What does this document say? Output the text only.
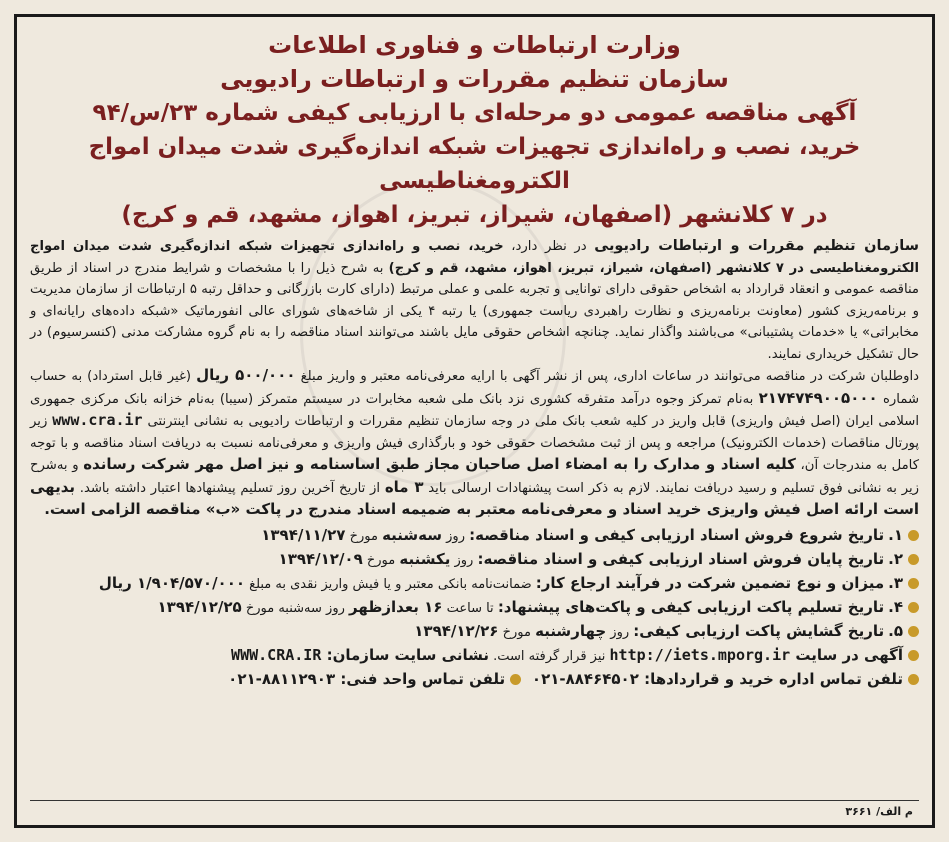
وزارت ارتباطات و فناوری اطلاعات
سازمان تنظیم مقررات و ارتباطات رادیویی
آگهی مناقصه عمومی دو مرحله‌ای با ارزیابی کیفی شماره ۲۳/س/۹۴
خرید، نصب و راه‌اندازی تجهیزات شبکه اندازه‌گیری شدت میدان امواج الکترومغناطیسی
در ۷ کلانشهر (اصفهان، شیراز، تبریز، اهواز، مشهد، قم و کرج)
سازمان تنظیم مقررات و ارتباطات رادیویی در نظر دارد، خرید، نصب و راه‌اندازی تجهیزات شبکه اندازه‌گیری شدت میدان امواج الکترومغناطیسی در ۷ کلانشهر (اصفهان، شیراز، تبریز، اهواز، مشهد، قم و کرج) به شرح ذیل را با مشخصات و شرایط مندرج در اسناد از طریق مناقصه عمومی و انعقاد قرارداد به اشخاص حقوقی دارای توانایی و تجربه علمی و عملی مرتبط (دارای کارت بازرگانی و حداقل رتبه ۵ ارتباطات از سازمان مدیریت و برنامه‌ریزی کشور (معاونت برنامه‌ریزی و نظارت راهبردی ریاست جمهوری) یا رتبه ۴ یکی از شاخه‌های شورای عالی انفورماتیک «شبکه داده‌های رایانه‌ای و مخابراتی» یا «خدمات پشتیبانی» می‌باشند واگذار نماید. چنانچه اشخاص حقوقی مایل باشند می‌توانند اسناد مناقصه را به نام گروه مشارکت مدنی (کنسرسیوم) در حال تشکیل خریداری نمایند.
داوطلبان شرکت در مناقصه می‌توانند در ساعات اداری، پس از نشر آگهی با ارایه معرفی‌نامه معتبر و واریز مبلغ ۵۰۰/۰۰۰ ریال (غیر قابل استرداد) به حساب شماره ۲۱۷۴۷۴۹۰۰۵۰۰۰ به‌نام تمرکز وجوه درآمد متفرقه کشوری نزد بانک ملی شعبه مخابرات در سیستم متمرکز (سیبا) به‌نام خزانه بانک مرکزی جمهوری اسلامی ایران (اصل فیش واریزی) قابل واریز در کلیه شعب بانک ملی در وجه سازمان تنظیم مقررات و ارتباطات رادیویی به نشانی اینترنتی www.cra.ir زیر پورتال مناقصات (خدمات الکترونیک) مراجعه و پس از ثبت مشخصات حقوقی خود و بارگذاری فیش واریزی و معرفی‌نامه نسبت به دریافت اسناد مناقصه و با توجه کامل به مندرجات آن، کلیه اسناد و مدارک را به امضاء اصل صاحبان مجاز طبق اساسنامه و نیز اصل مهر شرکت رسانده و به‌شرح زیر به نشانی فوق تسلیم و رسید دریافت نمایند. لازم به ذکر است پیشنهادات ارسالی باید ۳ ماه از تاریخ آخرین روز تسلیم پیشنهادها اعتبار داشته باشد. بدیهی است ارائه اصل فیش واریزی خرید اسناد و معرفی‌نامه معتبر به ضمیمه اسناد مندرج در پاکت «ب» مناقصه الزامی است.
۱.تاریخ شروع فروش اسناد ارزیابی کیفی و اسناد مناقصه: روز سه‌شنبه مورخ ۱۳۹۴/۱۱/۲۷
۲.تاریخ پایان فروش اسناد ارزیابی کیفی و اسناد مناقصه: روز یکشنبه مورخ ۱۳۹۴/۱۲/۰۹
۳.میزان و نوع تضمین شرکت در فرآیند ارجاع کار: ضمانت‌نامه بانکی معتبر و یا فیش واریز نقدی به مبلغ ۱/۹۰۴/۵۷۰/۰۰۰ ریال
۴.تاریخ تسلیم پاکت ارزیابی کیفی و پاکت‌های پیشنهاد: تا ساعت ۱۶ بعدازظهر روز سه‌شنبه مورخ ۱۳۹۴/۱۲/۲۵
۵.تاریخ گشایش پاکت ارزیابی کیفی: روز چهارشنبه مورخ ۱۳۹۴/۱۲/۲۶
آگهی در سایت http://iets.mporg.ir نیز قرار گرفته است. نشانی سایت سازمان: WWW.CRA.IR
تلفن تماس اداره خرید و قراردادها: ۰۲۱-۸۸۴۶۴۵۰۲ تلفن تماس واحد فنی: ۰۲۱-۸۸۱۱۲۹۰۳
م الف/ ۳۶۶۱
